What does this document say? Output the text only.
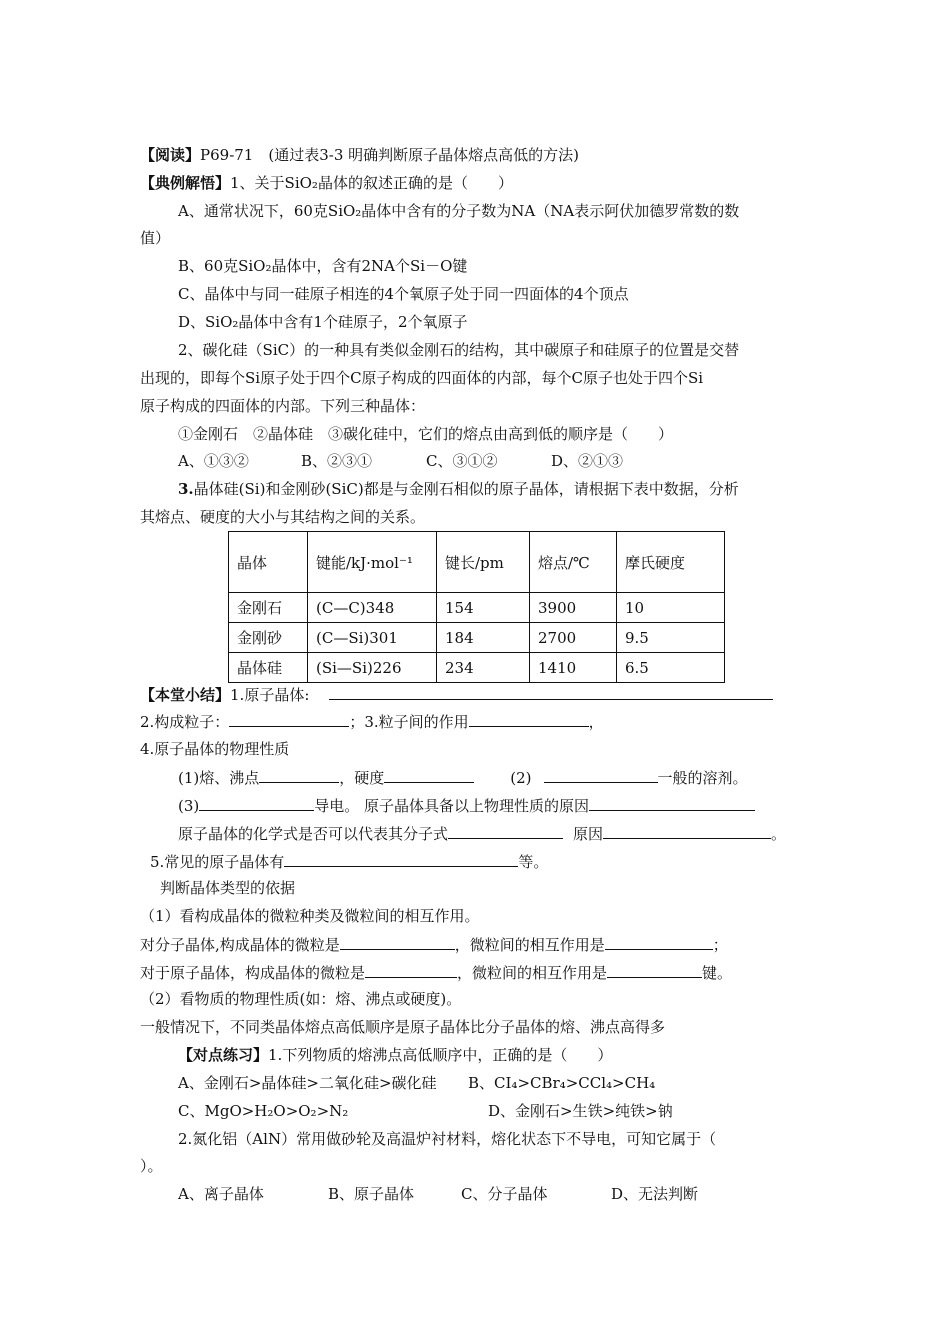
【阅读】P69-71　(通过表3-3 明确判断原子晶体熔点高低的方法)
【典例解悟】1、关于SiO₂晶体的叙述正确的是（　　）
A、通常状况下，60克SiO₂晶体中含有的分子数为NA（NA表示阿伏加德罗常数的数
值）
B、60克SiO₂晶体中，含有2NA个Si－O键
C、晶体中与同一硅原子相连的4个氧原子处于同一四面体的4个顶点
D、SiO₂晶体中含有1个硅原子，2个氧原子
2、碳化硅（SiC）的一种具有类似金刚石的结构，其中碳原子和硅原子的位置是交替
出现的，即每个Si原子处于四个C原子构成的四面体的内部，每个C原子也处于四个Si
原子构成的四面体的内部。下列三种晶体：
①金刚石　②晶体硅　③碳化硅中，它们的熔点由高到低的顺序是（　　）
A、①③②	B、②③①	C、③①②	D、②①③
3.晶体硅(Si)和金刚砂(SiC)都是与金刚石相似的原子晶体，请根据下表中数据，分析
其熔点、硬度的大小与其结构之间的关系。
晶体	键能/kJ·mol⁻¹	键长/pm	熔点/℃	摩氏硬度
金刚石	(C—C)348	154	3900	10
金刚砂	(C—Si)301	184	2700	9.5
晶体硅	(Si—Si)226	234	1410	6.5
【本堂小结】1.原子晶体:
2.构成粒子：	；3.粒子间的作用	，
4.原子晶体的物理性质
(1)熔、沸点	，硬度	(2)	一般的溶剂。
(3)	导电。 原子晶体具备以上物理性质的原因
原子晶体的化学式是否可以代表其分子式	原因	。
5.常见的原子晶体有	等。
判断晶体类型的依据
（1）看构成晶体的微粒种类及微粒间的相互作用。
对分子晶体,构成晶体的微粒是	，微粒间的相互作用是	；
对于原子晶体，构成晶体的微粒是	，微粒间的相互作用是	键。
（2）看物质的物理性质(如：熔、沸点或硬度)。
一般情况下，不同类晶体熔点高低顺序是原子晶体比分子晶体的熔、沸点高得多
【对点练习】1.下列物质的熔沸点高低顺序中，正确的是（　　）
A、金刚石>晶体硅>二氧化硅>碳化硅 B、CI₄>CBr₄>CCl₄>CH₄
C、MgO>H₂O>O₂>N₂	D、金刚石>生铁>纯铁>钠
2.氮化铝（AlN）常用做砂轮及高温炉衬材料，熔化状态下不导电，可知它属于（
）。
A、离子晶体	B、原子晶体	C、分子晶体	D、无法判断
